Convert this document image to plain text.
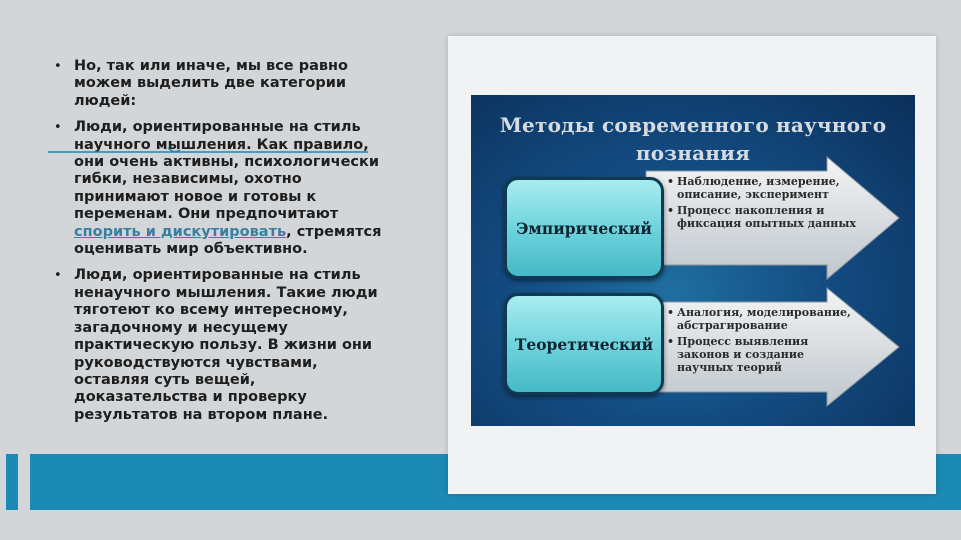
• Но, так или иначе, мы все равно можем выделить две категории людей:
• Люди, ориентированные на стиль научного мышления. Как правило, они очень активны, психологически гибки, независимы, охотно принимают новое и готовы к переменам. Они предпочитают спорить и дискутировать, стремятся оценивать мир объективно.
• Люди, ориентированные на стиль ненаучного мышления. Такие люди тяготеют ко всему интересному, загадочному и несущему практическую пользу. В жизни они руководствуются чувствами, оставляя суть вещей, доказательства и проверку результатов на втором плане.
Методы современного научного познания
Эмпирический
Теоретический
• Наблюдение, измерение, описание, эксперимент
• Процесс накопления и фиксация опытных данных
• Аналогия, моделирование, абстрагирование
• Процесс выявления законов и создание научных теорий
